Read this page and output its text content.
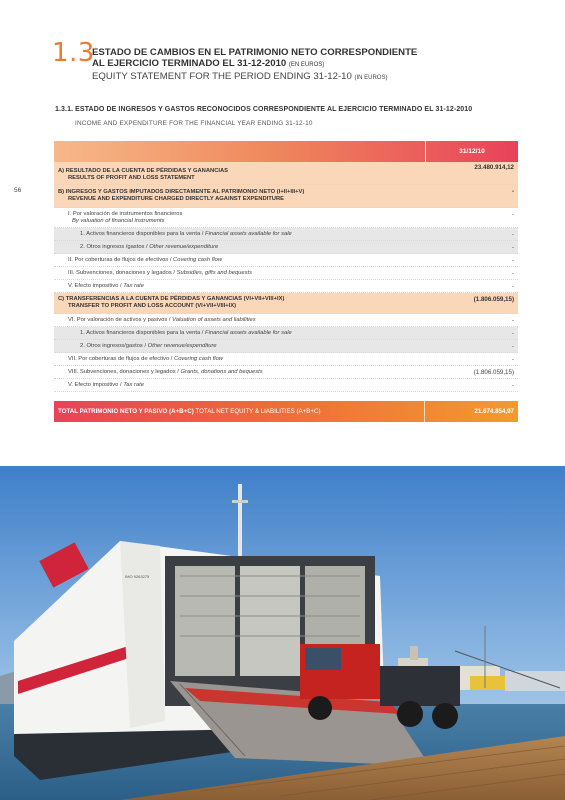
1.3
ESTADO DE CAMBIOS EN EL PATRIMONIO NETO CORRESPONDIENTE
AL EJERCICIO TERMINADO EL 31-12-2010 (EN EUROS)
EQUITY STATEMENT FOR THE PERIOD ENDING 31-12-10 (IN EUROS)
1.3.1. ESTADO DE INGRESOS Y GASTOS RECONOCIDOS CORRESPONDIENTE AL EJERCICIO TERMINADO EL 31-12-2010
INCOME AND EXPENDITURE FOR THE FINANCIAL YEAR ENDING 31-12-10
56
31/12/10
A) RESULTADO DE LA CUENTA DE PÉRDIDAS Y GANANCIAS
RESULTS OF PROFIT AND LOSS STATEMENT
23.480.914,12
B) INGRESOS Y GASTOS IMPUTADOS DIRECTAMENTE AL PATRIMONIO NETO (I+II+III+V)
REVENUE AND EXPENDITURE CHARGED DIRECTLY AGAINST EXPENDITURE
-
I. Por valoración de instrumentos financieros
By valuation of financial instruments
-
1. Activos financieros disponibles para la venta / Financial assets available for sale	-
2. Otros ingresos /gastos / Other revenue/expenditure	-
II. Por coberturas de flujos de efectivos / Covering cash flow	-
III. Subvenciones, donaciones y legados / Subsidies, gifts and bequests	-
V. Efecto impositivo / Tax rate	-
C) TRANSFERENCIAS A LA CUENTA DE PÉRDIDAS Y GANANCIAS (VI+VII+VIII+IX)
TRANSFER TO PROFIT AND LOSS ACCOUNT (VI+VII+VIII+IX)
(1.806.059,15)
VI. Por valoración de activos y pasivos / Valuation of assets and liabilities	-
1. Activos financieros disponibles para la venta / Financial assets available for sale	-
2. Otros ingresos/gastos / Other revenue/expenditure	-
VII. Por coberturas de flujos de efectivo / Covering cash flow	-
VIII. Subvenciones, donaciones y legados / Grants, donations and bequests	(1.806.059,15)
V. Efecto impositivo / Tax rate	-
TOTAL PATRIMONIO NETO Y PASIVO (A+B+C) TOTAL NET EQUITY & LIABILITIES (A+B+C)	21.674.854,97
IMO 9263275
